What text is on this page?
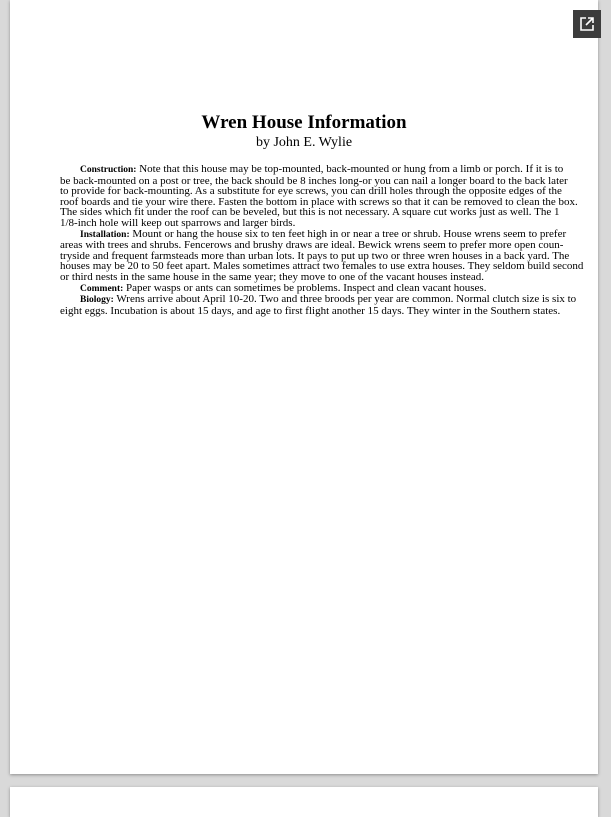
Wren House Information
by John E. Wylie
Construction: Note that this house may be top-mounted, back-mounted or hung from a limb or porch. If it is to
be back-mounted on a post or tree, the back should be 8 inches long-or you can nail a longer board to the back later
to provide for back-mounting. As a substitute for eye screws, you can drill holes through the opposite edges of the
roof boards and tie your wire there. Fasten the bottom in place with screws so that it can be removed to clean the box.
The sides which fit under the roof can be beveled, but this is not necessary. A square cut works just as well. The 1
1/8-inch hole will keep out sparrows and larger birds.
Installation: Mount or hang the house six to ten feet high in or near a tree or shrub. House wrens seem to prefer
areas with trees and shrubs. Fencerows and brushy draws are ideal. Bewick wrens seem to prefer more open coun-
tryside and frequent farmsteads more than urban lots. It pays to put up two or three wren houses in a back yard. The
houses may be 20 to 50 feet apart. Males sometimes attract two females to use extra houses. They seldom build second
or third nests in the same house in the same year; they move to one of the vacant houses instead.
Comment: Paper wasps or ants can sometimes be problems. Inspect and clean vacant houses.
Biology: Wrens arrive about April 10-20. Two and three broods per year are common. Normal clutch size is six to
eight eggs. Incubation is about 15 days, and age to first flight another 15 days. They winter in the Southern states.
